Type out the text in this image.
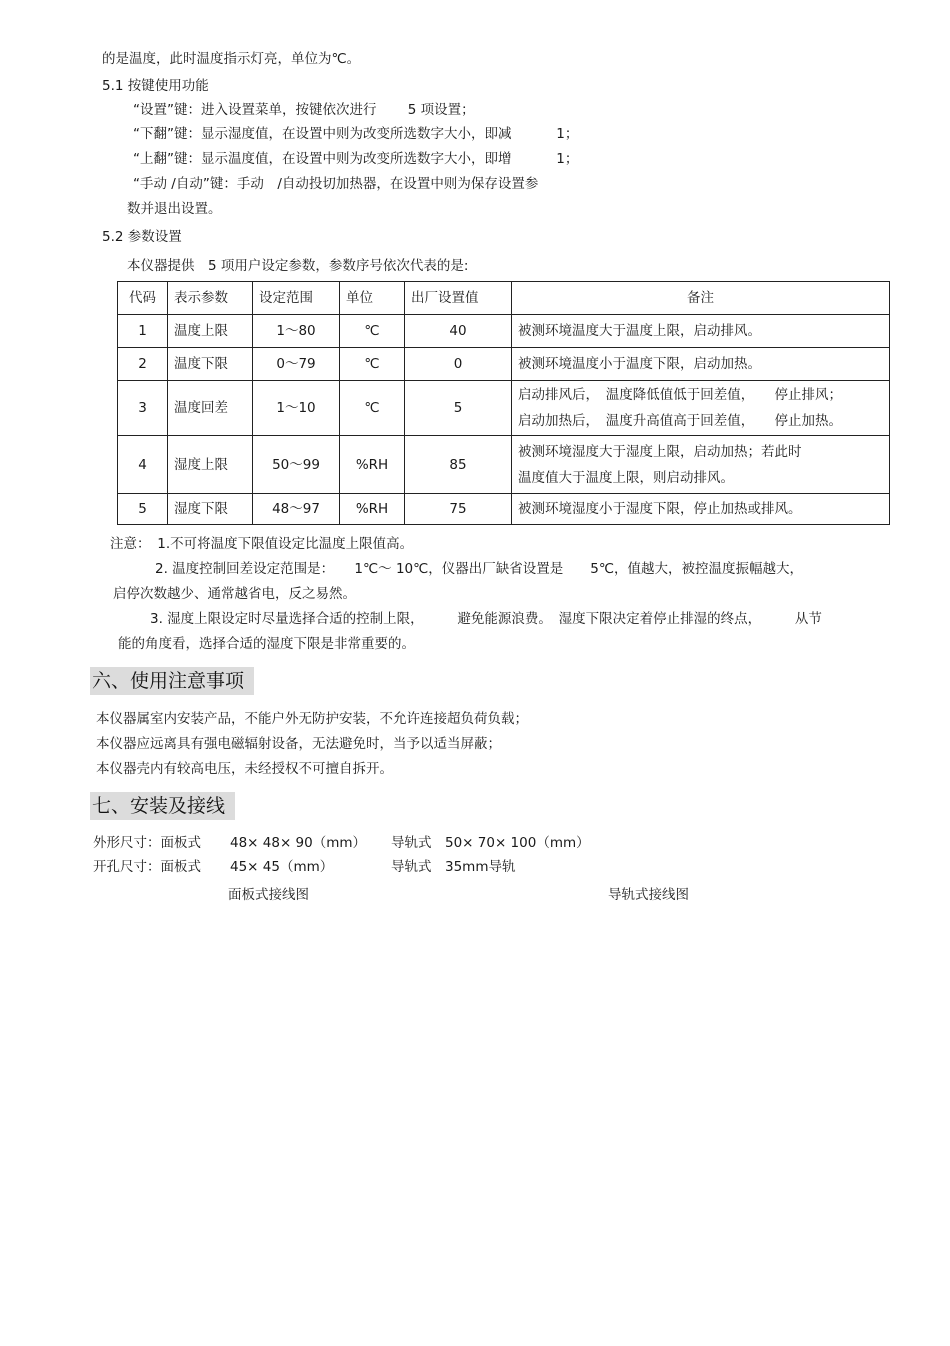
的是温度，此时温度指示灯亮，单位为℃。
5.1 按键使用功能
“设置”键：进入设置菜单，按键依次进行　　 5 项设置；
“下翻”键：显示湿度值，在设置中则为改变所选数字大小，即减　　　 1；
“上翻”键：显示温度值，在设置中则为改变所选数字大小，即增　　　 1；
“手动 /自动”键：手动　/自动投切加热器，在设置中则为保存设置参
数并退出设置。
5.2 参数设置
本仪器提供　5 项用户设定参数，参数序号依次代表的是:
代码	表示参数	设定范围	单位	出厂设置值	备注
1	温度上限	1～80	℃	40	被测环境温度大于温度上限，启动排风。

2	温度下限	0～79	℃	0	被测环境温度小于温度下限，启动加热。

3	温度回差	1～10	℃	5	启动排风后，　温度降低值低于回差值，　　停止排风；
启动加热后，　温度升高值高于回差值，　　停止加热。

4	湿度上限	50～99	%RH	85	被测环境湿度大于湿度上限，启动加热；若此时
温度值大于温度上限，则启动排风。

5	湿度下限	48～97	%RH	75	被测环境湿度小于湿度下限，停止加热或排风。
注意：　1.不可将温度下限值设定比温度上限值高。
2. 温度控制回差设定范围是：　　1℃～ 10℃，仪器出厂缺省设置是　　5℃，值越大，被控温度振幅越大，
启停次数越少、通常越省电，反之易然。
3. 湿度上限设定时尽量选择合适的控制上限，　　　避免能源浪费。　湿度下限决定着停止排湿的终点，　　　从节
能的角度看，选择合适的湿度下限是非常重要的。
六、使用注意事项
本仪器属室内安装产品，不能户外无防护安装，不允许连接超负荷负载；
本仪器应远离具有强电磁辐射设备，无法避免时，当予以适当屏蔽；
本仪器壳内有较高电压，未经授权不可擅自拆开。
七、安装及接线
外形尺寸：面板式 48× 48× 90（mm） 导轨式 50× 70× 100（mm）
开孔尺寸：面板式 45× 45（mm）	导轨式 35mm导轨
面板式接线图	导轨式接线图
